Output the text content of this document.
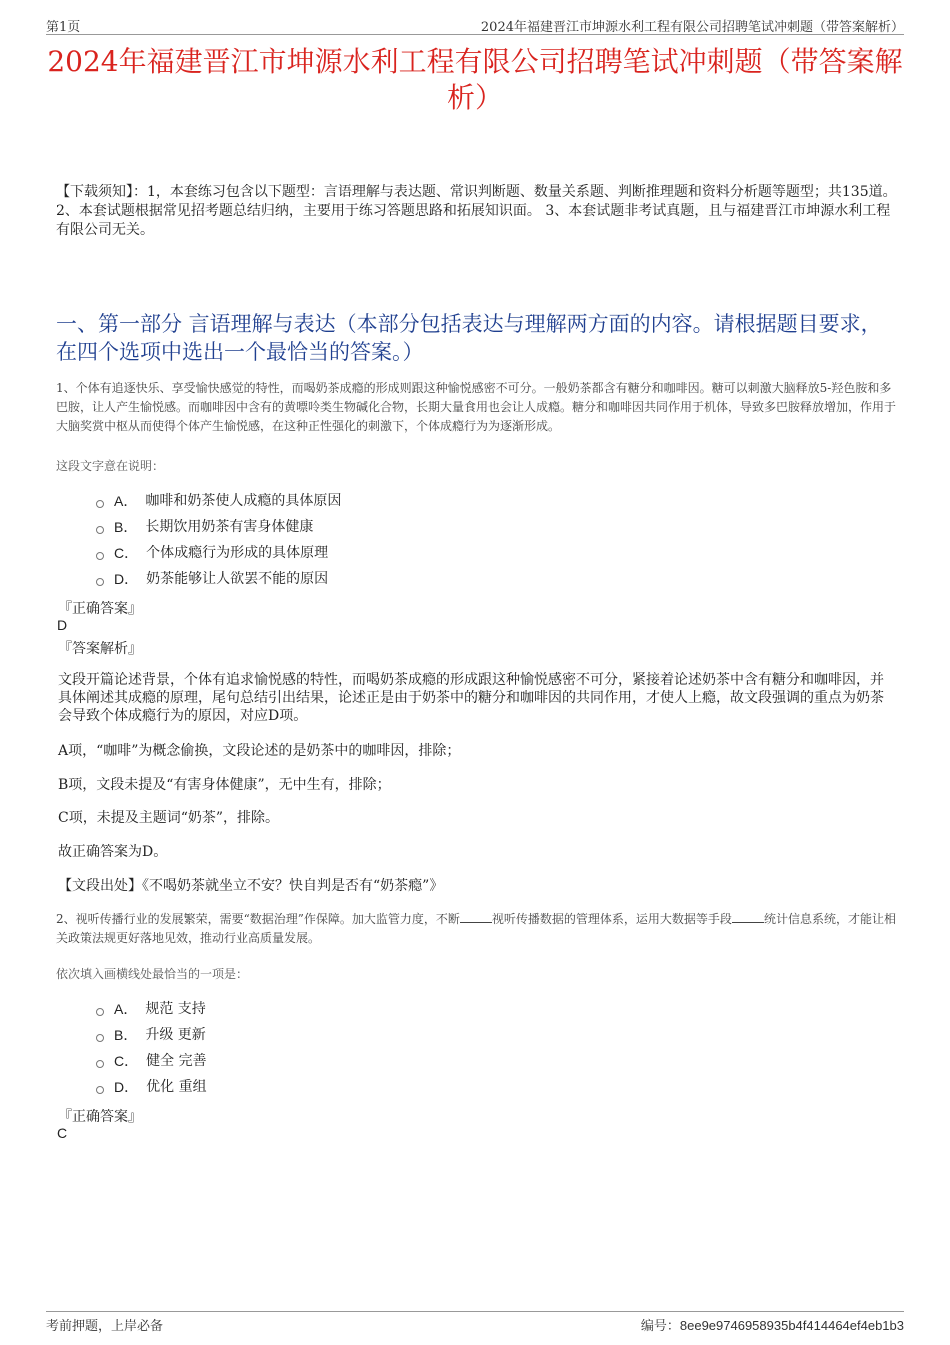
第1页	2024年福建晋江市坤源水利工程有限公司招聘笔试冲刺题（带答案解析）
2024年福建晋江市坤源水利工程有限公司招聘笔试冲刺题（带答案解析）
【下载须知】：1，本套练习包含以下题型：言语理解与表达题、常识判断题、数量关系题、判断推理题和资料分析题等题型；共135道。 2、本套试题根据常见招考题总结归纳，主要用于练习答题思路和拓展知识面。 3、本套试题非考试真题，且与福建晋江市坤源水利工程有限公司无关。
一、第一部分 言语理解与表达（本部分包括表达与理解两方面的内容。请根据题目要求，在四个选项中选出一个最恰当的答案。）
1、个体有追逐快乐、享受愉快感觉的特性，而喝奶茶成瘾的形成则跟这种愉悦感密不可分。一般奶茶都含有糖分和咖啡因。糖可以刺激大脑释放5-羟色胺和多巴胺，让人产生愉悦感。而咖啡因中含有的黄嘌呤类生物碱化合物，长期大量食用也会让人成瘾。糖分和咖啡因共同作用于机体，导致多巴胺释放增加，作用于大脑奖赏中枢从而使得个体产生愉悦感，在这种正性强化的刺激下，个体成瘾行为为逐渐形成。
这段文字意在说明：
A． 咖啡和奶茶使人成瘾的具体原因
B． 长期饮用奶茶有害身体健康
C． 个体成瘾行为形成的具体原理
D． 奶茶能够让人欲罢不能的原因
『正确答案』
D
『答案解析』
文段开篇论述背景，个体有追求愉悦感的特性，而喝奶茶成瘾的形成跟这种愉悦感密不可分，紧接着论述奶茶中含有糖分和咖啡因，并具体阐述其成瘾的原理，尾句总结引出结果，论述正是由于奶茶中的糖分和咖啡因的共同作用，才使人上瘾，故文段强调的重点为奶茶会导致个体成瘾行为的原因，对应D项。
A项，“咖啡”为概念偷换，文段论述的是奶茶中的咖啡因，排除；
B项，文段未提及“有害身体健康”，无中生有，排除；
C项，未提及主题词“奶茶”，排除。
故正确答案为D。
【文段出处】《不喝奶茶就坐立不安？快自判是否有“奶茶瘾”》
2、视听传播行业的发展繁荣，需要“数据治理”作保障。加大监管力度，不断	视听传播数据的管理体系，运用大数据等手段	统计信息系统，才能让相关政策法规更好落地见效，推动行业高质量发展。
依次填入画横线处最恰当的一项是：
A． 规范 支持
B． 升级 更新
C． 健全 完善
D． 优化 重组
『正确答案』
C
考前押题，上岸必备	编号：8ee9e9746958935b4f414464ef4eb1b3
